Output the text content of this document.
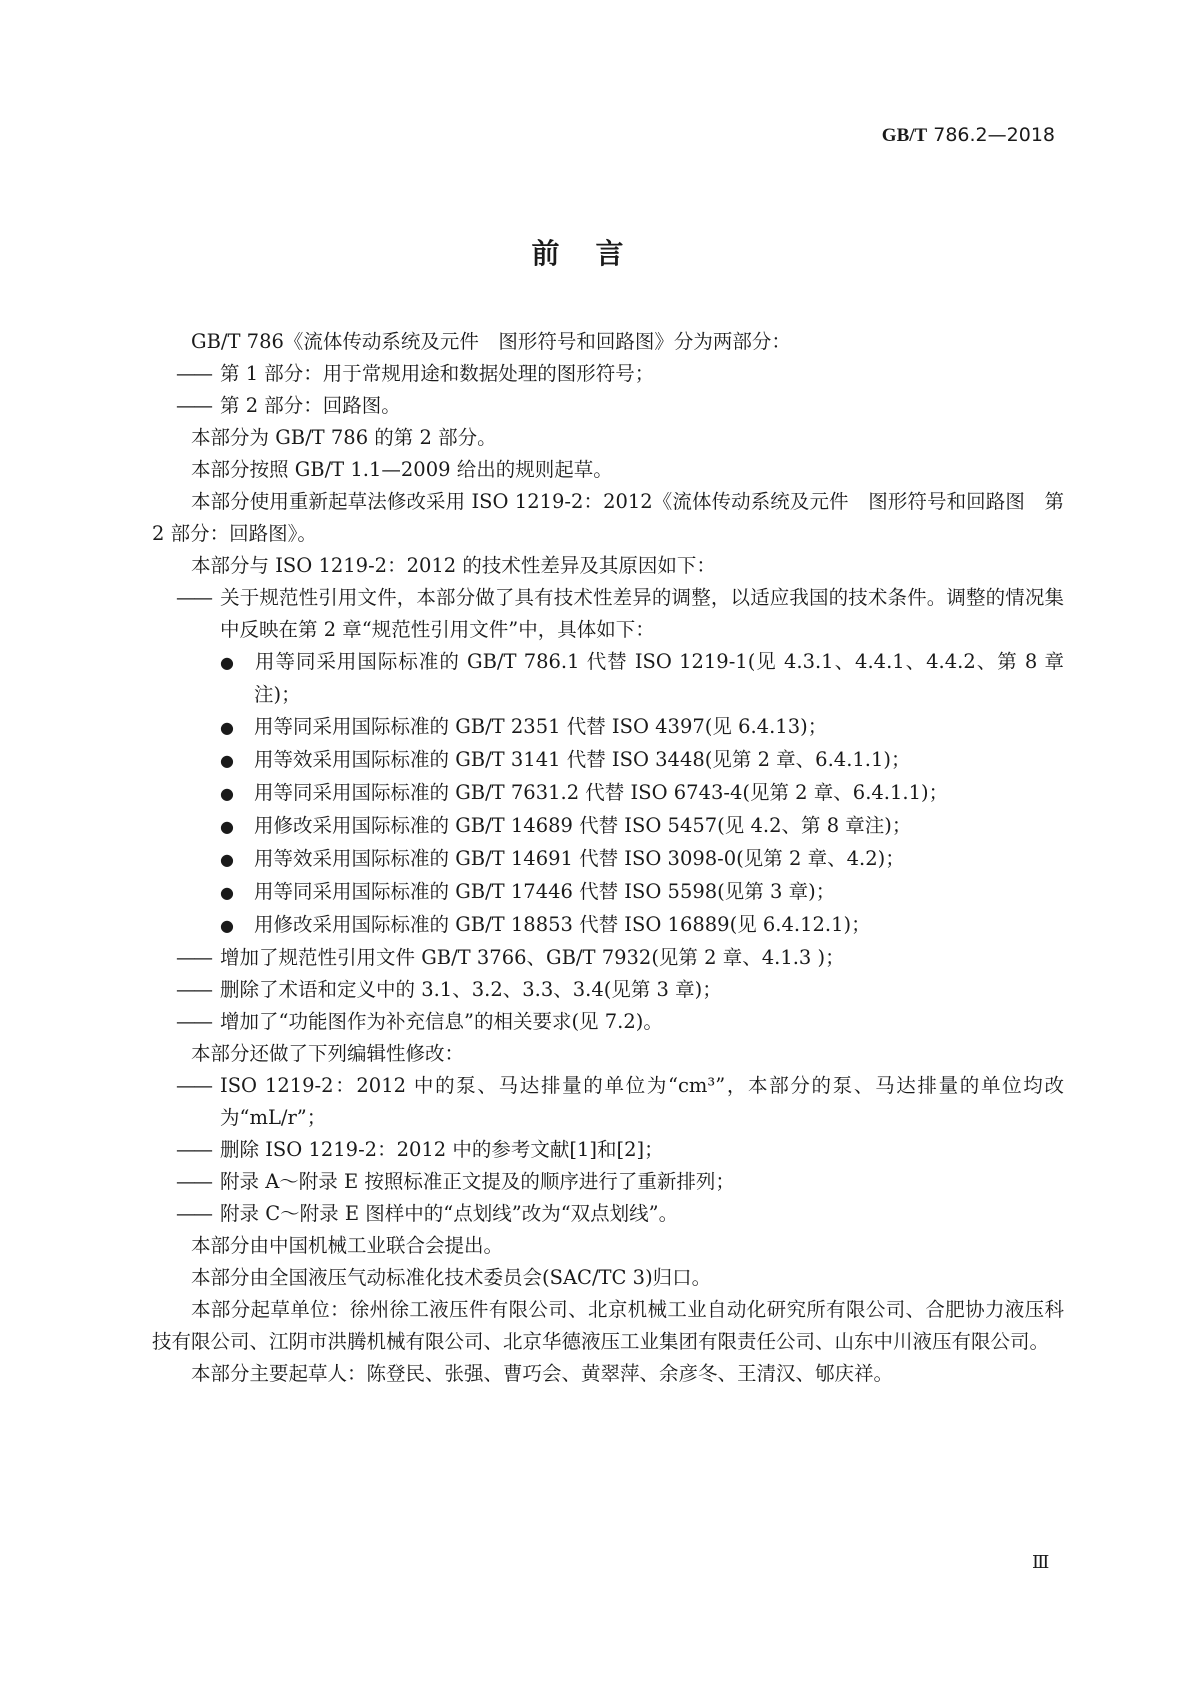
GB/T 786.2—2018
前言
GB/T 786《流体传动系统及元件　图形符号和回路图》分为两部分：
—— 第 1 部分：用于常规用途和数据处理的图形符号；
—— 第 2 部分：回路图。
本部分为 GB/T 786 的第 2 部分。
本部分按照 GB/T 1.1—2009 给出的规则起草。
本部分使用重新起草法修改采用 ISO 1219-2：2012《流体传动系统及元件　图形符号和回路图　第 2 部分：回路图》。
本部分与 ISO 1219-2：2012 的技术性差异及其原因如下：
—— 关于规范性引用文件，本部分做了具有技术性差异的调整，以适应我国的技术条件。调整的情况集中反映在第 2 章“规范性引用文件”中，具体如下：
● 用等同采用国际标准的 GB/T 786.1 代替 ISO 1219-1(见 4.3.1、4.4.1、4.4.2、第 8 章注)；
● 用等同采用国际标准的 GB/T 2351 代替 ISO 4397(见 6.4.13)；
● 用等效采用国际标准的 GB/T 3141 代替 ISO 3448(见第 2 章、6.4.1.1)；
● 用等同采用国际标准的 GB/T 7631.2 代替 ISO 6743-4(见第 2 章、6.4.1.1)；
● 用修改采用国际标准的 GB/T 14689 代替 ISO 5457(见 4.2、第 8 章注)；
● 用等效采用国际标准的 GB/T 14691 代替 ISO 3098-0(见第 2 章、4.2)；
● 用等同采用国际标准的 GB/T 17446 代替 ISO 5598(见第 3 章)；
● 用修改采用国际标准的 GB/T 18853 代替 ISO 16889(见 6.4.12.1)；
—— 增加了规范性引用文件 GB/T 3766、GB/T 7932(见第 2 章、4.1.3 )；
—— 删除了术语和定义中的 3.1、3.2、3.3、3.4(见第 3 章)；
—— 增加了“功能图作为补充信息”的相关要求(见 7.2)。
本部分还做了下列编辑性修改：
—— ISO 1219-2：2012 中的泵、马达排量的单位为“cm³”，本部分的泵、马达排量的单位均改为“mL/r”；
—— 删除 ISO 1219-2：2012 中的参考文献[1]和[2]；
—— 附录 A～附录 E 按照标准正文提及的顺序进行了重新排列；
—— 附录 C～附录 E 图样中的“点划线”改为“双点划线”。
本部分由中国机械工业联合会提出。
本部分由全国液压气动标准化技术委员会(SAC/TC 3)归口。
本部分起草单位：徐州徐工液压件有限公司、北京机械工业自动化研究所有限公司、合肥协力液压科技有限公司、江阴市洪腾机械有限公司、北京华德液压工业集团有限责任公司、山东中川液压有限公司。
本部分主要起草人：陈登民、张强、曹巧会、黄翠萍、余彦冬、王清汉、郇庆祥。
Ⅲ
